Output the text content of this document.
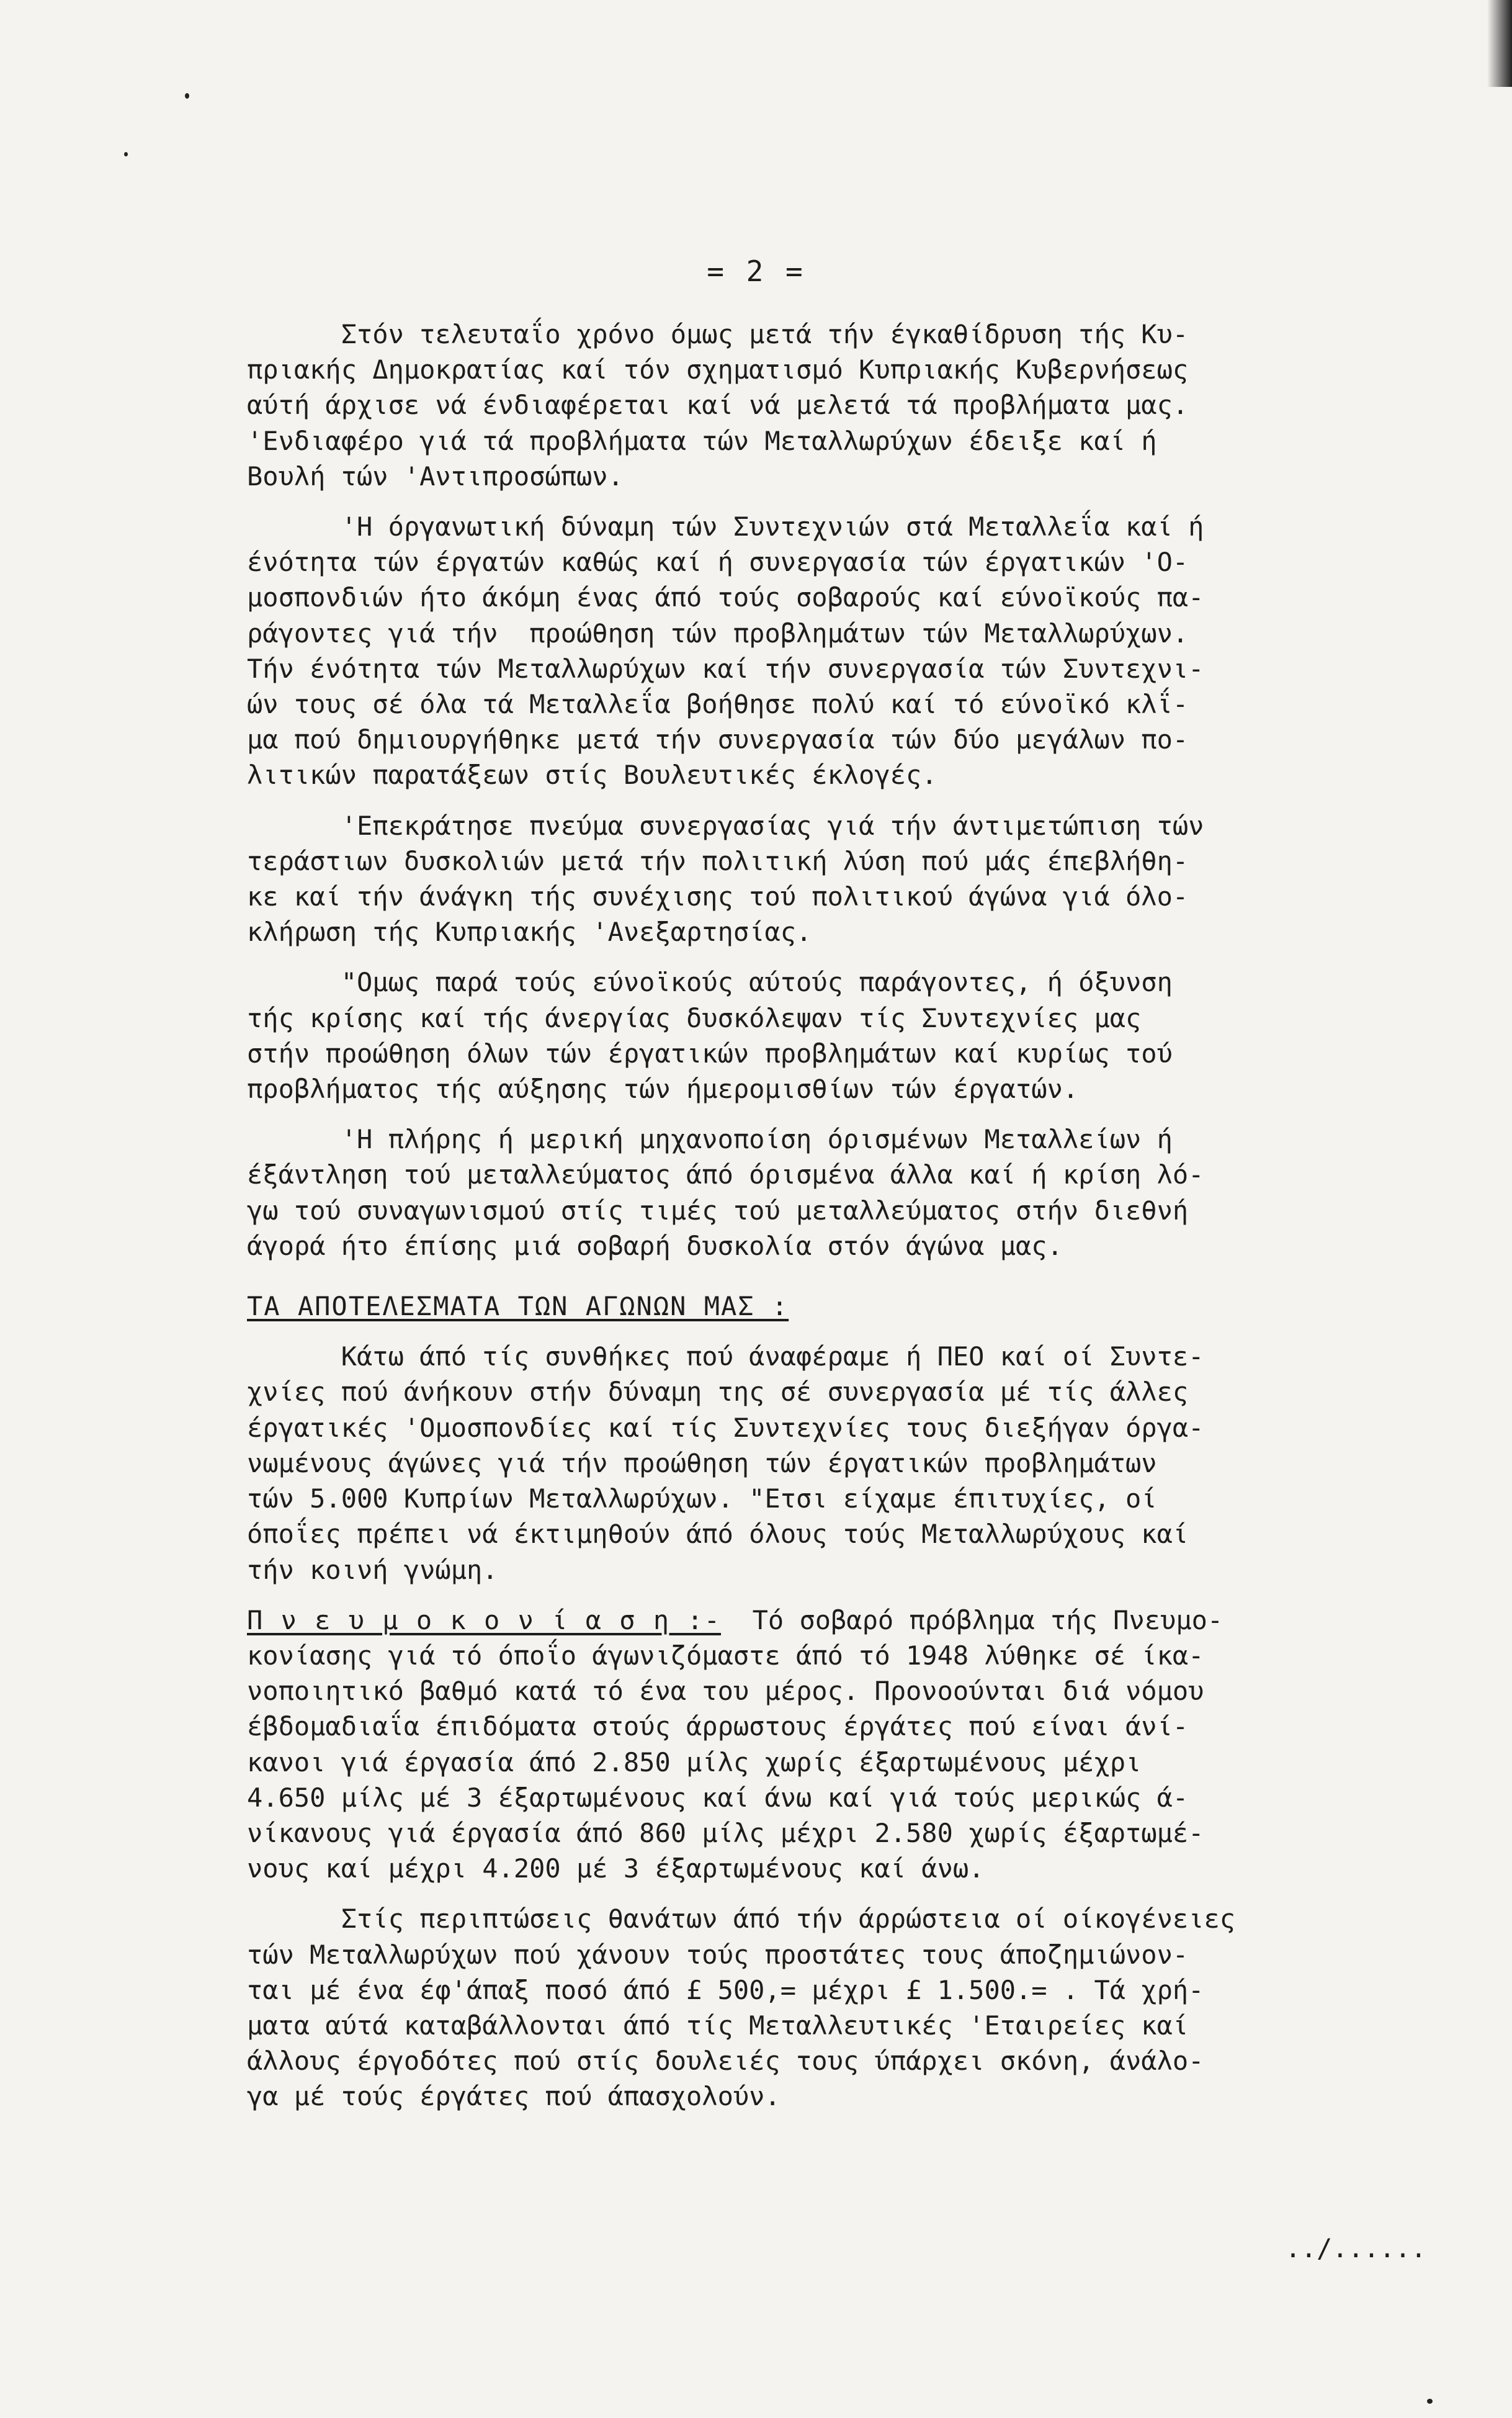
= 2 =

Στόν τελευταΐο χρόνο όμως μετά τήν έγκαθίδρυση τής Κυ-
πριακής Δημοκρατίας καί τόν σχηματισμό Κυπριακής Κυβερνήσεως
αύτή άρχισε νά ένδιαφέρεται καί νά μελετά τά προβλήματα μας.
'Ενδιαφέρο γιά τά προβλήματα τών Μεταλλωρύχων έδειξε καί ή
Βουλή τών 'Αντιπροσώπων.

'Η όργανωτική δύναμη τών Συντεχνιών στά Μεταλλεΐα καί ή
ένότητα τών έργατών καθώς καί ή συνεργασία τών έργατικών 'Ο-
μοσπονδιών ήτο άκόμη ένας άπό τούς σοβαρούς καί εύνοϊκούς πα-
ράγοντες γιά τήν  προώθηση τών προβλημάτων τών Μεταλλωρύχων.
Τήν ένότητα τών Μεταλλωρύχων καί τήν συνεργασία τών Συντεχνι-
ών τους σέ όλα τά Μεταλλεΐα βοήθησε πολύ καί τό εύνοϊκό κλΐ-
μα πού δημιουργήθηκε μετά τήν συνεργασία τών δύο μεγάλων πο-
λιτικών παρατάξεων στίς Βουλευτικές έκλογές.

'Επεκράτησε πνεύμα συνεργασίας γιά τήν άντιμετώπιση τών
τεράστιων δυσκολιών μετά τήν πολιτική λύση πού μάς έπεβλήθη-
κε καί τήν άνάγκη τής συνέχισης τού πολιτικού άγώνα γιά όλο-
κλήρωση τής Κυπριακής 'Ανεξαρτησίας.

"Ομως παρά τούς εύνοϊκούς αύτούς παράγοντες, ή όξυνση
τής κρίσης καί τής άνεργίας δυσκόλεψαν τίς Συντεχνίες μας
στήν προώθηση όλων τών έργατικών προβλημάτων καί κυρίως τού
προβλήματος τής αύξησης τών ήμερομισθίων τών έργατών.

'Η πλήρης ή μερική μηχανοποίση όρισμένων Μεταλλείων ή
έξάντληση τού μεταλλεύματος άπό όρισμένα άλλα καί ή κρίση λό-
γω τού συναγωνισμού στίς τιμές τού μεταλλεύματος στήν διεθνή
άγορά ήτο έπίσης μιά σοβαρή δυσκολία στόν άγώνα μας.

ΤΑ ΑΠΟΤΕΛΕΣΜΑΤΑ ΤΩΝ ΑΓΩΝΩΝ ΜΑΣ :

Κάτω άπό τίς συνθήκες πού άναφέραμε ή ΠΕΟ καί οί Συντε-
χνίες πού άνήκουν στήν δύναμη της σέ συνεργασία μέ τίς άλλες
έργατικές 'Ομοσπονδίες καί τίς Συντεχνίες τους διεξήγαν όργα-
νωμένους άγώνες γιά τήν προώθηση τών έργατικών προβλημάτων
τών 5.000 Κυπρίων Μεταλλωρύχων. "Ετσι είχαμε έπιτυχίες, οί
όποΐες πρέπει νά έκτιμηθούν άπό όλους τούς Μεταλλωρύχους καί
τήν κοινή γνώμη.

Π ν ε υ μ ο κ ο ν ί α σ η :-  Τό σοβαρό πρόβλημα τής Πνευμο-
κονίασης γιά τό όποΐο άγωνιζόμαστε άπό τό 1948 λύθηκε σέ ίκα-
νοποιητικό βαθμό κατά τό ένα του μέρος. Προνοούνται διά νόμου
έβδομαδιαΐα έπιδόματα στούς άρρωστους έργάτες πού είναι άνί-
κανοι γιά έργασία άπό 2.850 μίλς χωρίς έξαρτωμένους μέχρι
4.650 μίλς μέ 3 έξαρτωμένους καί άνω καί γιά τούς μερικώς ά-
νίκανους γιά έργασία άπό 860 μίλς μέχρι 2.580 χωρίς έξαρτωμέ-
νους καί μέχρι 4.200 μέ 3 έξαρτωμένους καί άνω.

Στίς περιπτώσεις θανάτων άπό τήν άρρώστεια οί οίκογένειες
τών Μεταλλωρύχων πού χάνουν τούς προστάτες τους άποζημιώνον-
ται μέ ένα έφ'άπαξ ποσό άπό £ 500,= μέχρι £ 1.500.= . Τά χρή-
ματα αύτά καταβάλλονται άπό τίς Μεταλλευτικές 'Εταιρείες καί
άλλους έργοδότες πού στίς δουλειές τους ύπάρχει σκόνη, άνάλο-
γα μέ τούς έργάτες πού άπασχολούν.

../......
